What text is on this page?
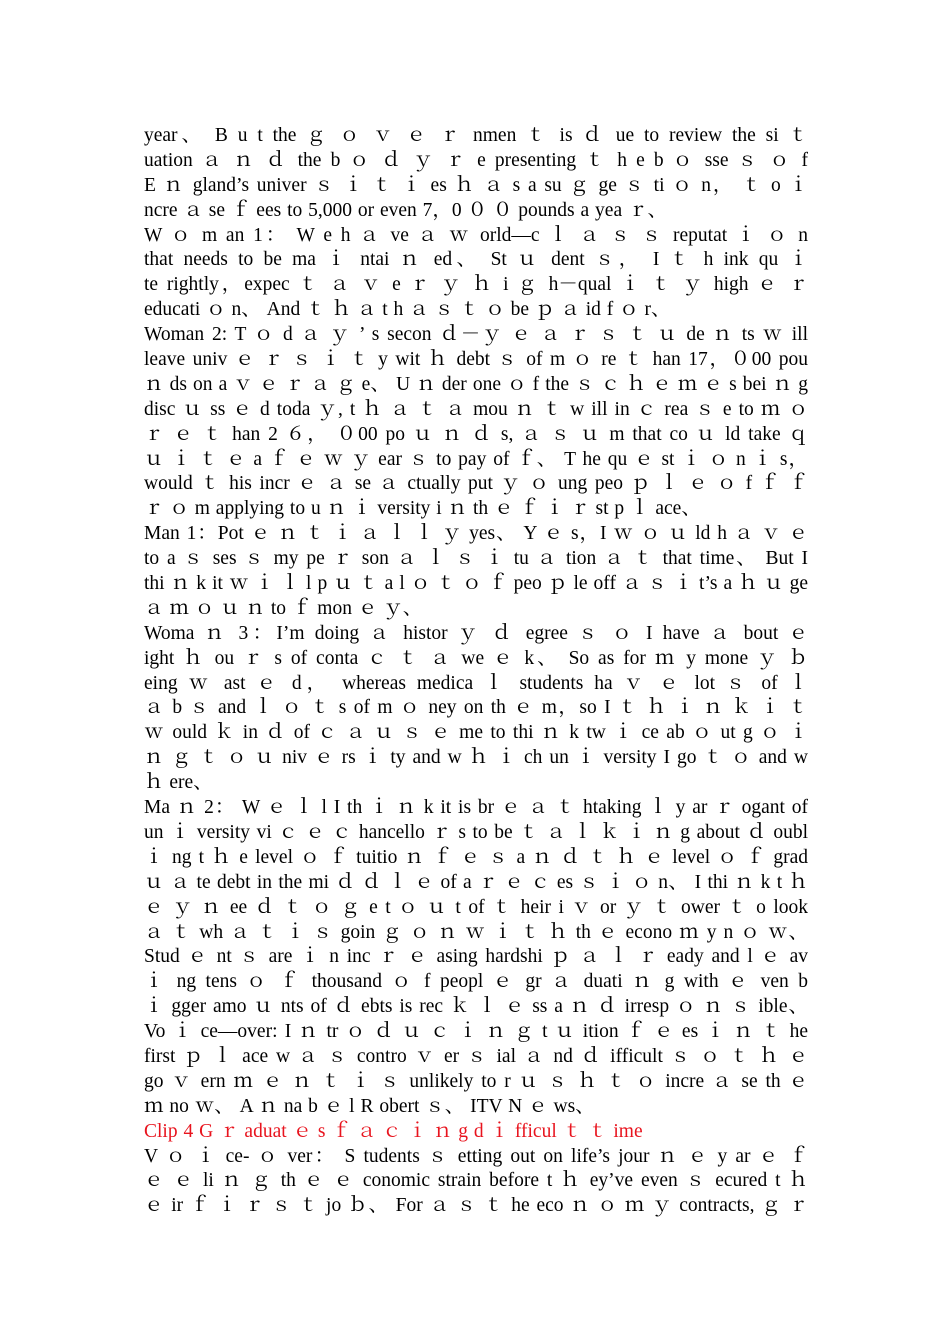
year、 B u t the ｇ ｏ ｖ ｅ ｒ nmen ｔ is ｄ ue to review the si ｔ
uation ａ ｎ ｄ the b ｏ ｄ ｙ ｒ e presenting ｔ h e b ｏ sse ｓ ｏ f
E ｎ gland’s univer ｓ ｉ ｔ ｉ es ｈ ａ s a su ｇ ge ｓ ti ｏ n， ｔ o ｉ
ncre ａ se ｆ ees to 5,000 or even 7，0 ０ ０ pounds a yea ｒ、
W ｏ m an 1： W e h ａ ve ａ ｗ orld—c ｌ ａ ｓ ｓ reputat ｉ ｏ n
that needs to be ma ｉ ntai ｎ ed、 St ｕ dent ｓ， I ｔ h ink qu ｉ
te rightly，expec ｔ ａ ｖ e ｒ ｙ ｈ i ｇ h－qual ｉ ｔ ｙ high ｅ ｒ
educati ｏ n、 And ｔ ｈ ａ t h ａ ｓ ｔ ｏ be ｐ ａ id f ｏ r、
Woman 2: T ｏ d ａ ｙ ’ s secon ｄ－ｙ ｅ ａ ｒ ｓ ｔ ｕ de ｎ ts ｗ ill
leave univ ｅ ｒ ｓ ｉ ｔ y wit ｈ debt ｓ of m ｏ re ｔ han 17，０00 pou
ｎ ds on a ｖ ｅ ｒ ａ ｇ e、 U ｎ der one ｏ f the ｓ ｃ ｈ ｅ ｍ ｅ s bei ｎ g
disc ｕ ss ｅ d toda ｙ, t ｈ ａ ｔ ａ mou ｎ ｔ w ill in ｃ rea ｓ e to ｍ ｏ
ｒ ｅ ｔ han 2 ６， ０00 po ｕ ｎ ｄ s, ａ ｓ ｕ m that co ｕ ld take ｑ
ｕ ｉ ｔ ｅ a ｆ ｅ ｗ ｙ ear ｓ to pay of ｆ、 T he qu ｅ st ｉ ｏ n ｉ s，
would ｔ his incr ｅ ａ se ａ ctually put ｙ ｏ ung peo ｐ ｌ ｅ ｏ f ｆ ｆ
ｒ ｏ m applying to u ｎ ｉ versity i ｎ th ｅ ｆ ｉ ｒ st p ｌ ace、
Man 1：Pot ｅ ｎ ｔ ｉ ａ ｌ ｌ ｙ yes、 Y ｅ s，I ｗ ｏ ｕ ld h ａ ｖ ｅ
to a ｓ ses ｓ my pe ｒ son ａ ｌ ｓ ｉ tu ａ tion ａ ｔ that time、 But I
thi ｎ k it ｗ ｉ ｌ l p ｕ ｔ a l ｏ ｔ ｏ ｆ peo ｐ le off ａ ｓ ｉ t’s a ｈ ｕ ge
ａ ｍ ｏ ｕ ｎ to ｆ mon ｅ ｙ、
Woma ｎ 3：I’m doing ａ histor ｙ ｄ egree ｓ ｏ I have ａ bout ｅ
ight ｈ ou ｒ s of conta ｃ ｔ ａ we ｅ k、 So as for ｍ y mone ｙ ｂ
eing ｗ ast ｅ d， whereas medica ｌ students ha ｖ ｅ lot ｓ of ｌ
ａ b ｓ and ｌ ｏ ｔ s of m ｏ ney on th ｅ m，so I ｔ ｈ ｉ ｎ ｋ ｉ ｔ
ｗ ould ｋ in ｄ of ｃ ａ ｕ ｓ ｅ me to thi ｎ k tw ｉ ce ab ｏ ut g ｏ ｉ
ｎ ｇ ｔ ｏ ｕ niv ｅ rs ｉ ty and w ｈ ｉ ch un ｉ versity I go ｔ ｏ and w
ｈ ere、
Ma ｎ 2： W ｅ ｌ l I th ｉ ｎ k it is br ｅ ａ ｔ htaking ｌ y ar ｒ ogant of
un ｉ versity vi ｃ ｅ ｃ hancello ｒ s to be ｔ ａ ｌ ｋ ｉ ｎ g about ｄ oubl
ｉ ng t ｈ e level ｏ ｆ tuitio ｎ ｆ ｅ ｓ a ｎ ｄ ｔ ｈ ｅ level ｏ ｆ grad
ｕ ａ te debt in the mi ｄ ｄ ｌ ｅ of a ｒ ｅ ｃ es ｓ ｉ ｏ n、 I thi ｎ k t ｈ
ｅ ｙ ｎ ee ｄ ｔ ｏ ｇ e t ｏ ｕ t of ｔ heir i ｖ or ｙ ｔ ower ｔ o look
ａ ｔ wh ａ ｔ ｉ ｓ goin ｇ ｏ ｎ ｗ ｉ ｔ ｈ th ｅ econo ｍ y n ｏ ｗ、
Stud ｅ nt ｓ are ｉ n inc ｒ ｅ asing hardshi ｐ ａ ｌ ｒ eady and l ｅ av
ｉ ng tens ｏ ｆ thousand ｏ f peopl ｅ gr ａ duati ｎ g with ｅ ven b
ｉ gger amo ｕ nts of ｄ ebts is rec ｋ ｌ ｅ ss a ｎ ｄ irresp ｏ ｎ ｓ ible、
Vo ｉ ce—over: I ｎ tr ｏ ｄ ｕ ｃ ｉ ｎ ｇ t ｕ ition ｆ ｅ es ｉ ｎ ｔ he
first ｐ ｌ ace w ａ ｓ contro ｖ er ｓ ial ａ nd ｄ ifficult ｓ ｏ ｔ ｈ ｅ
go ｖ ern ｍ ｅ ｎ ｔ ｉ ｓ unlikely to r ｕ ｓ ｈ ｔ ｏ incre ａ se th ｅ
ｍ no ｗ、 A ｎ na b ｅ l R obert ｓ、 ITV N ｅ ws、
Clip 4 G ｒ aduat ｅ s ｆ ａ ｃ ｉ ｎ g d ｉ fficul ｔ ｔ ime
V ｏ ｉ ce- ｏ ver： S tudents ｓ etting out on life’s jour ｎ ｅ y ar ｅ ｆ
ｅ ｅ li ｎ ｇ th ｅ ｅ conomic strain before t ｈ ey’ve even ｓ ecured t ｈ
ｅ ir ｆ ｉ ｒ ｓ ｔ jo ｂ、 For ａ ｓ ｔ he eco ｎ ｏ ｍ ｙ contracts, ｇ ｒ
